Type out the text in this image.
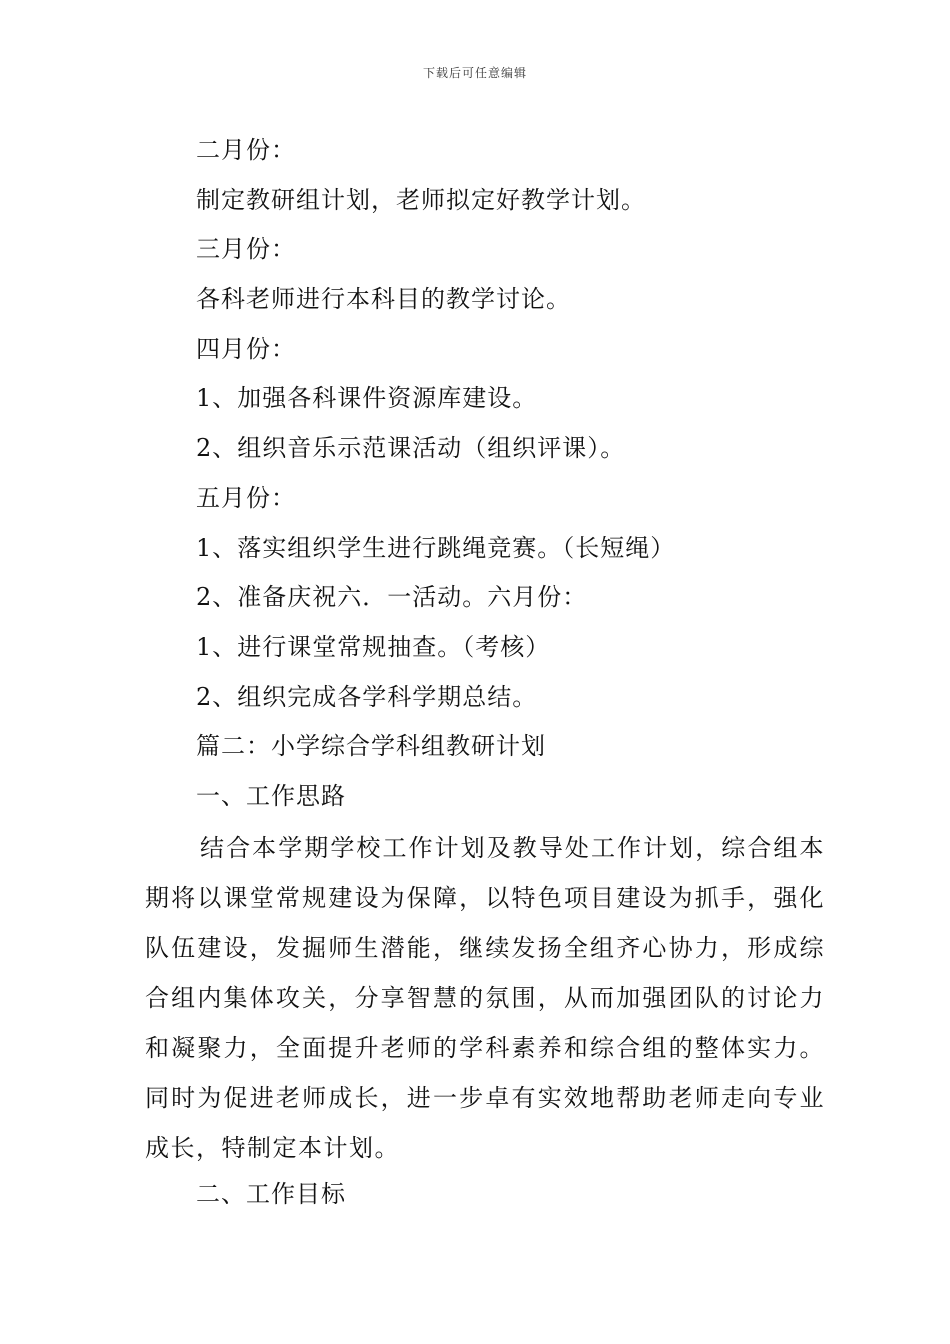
下载后可任意编辑
二月份：
制定教研组计划，老师拟定好教学计划。
三月份：
各科老师进行本科目的教学讨论。
四月份：
1、加强各科课件资源库建设。
2、组织音乐示范课活动（组织评课）。
五月份：
1、落实组织学生进行跳绳竞赛。（长短绳）
2、准备庆祝六．一活动。六月份：
1、进行课堂常规抽查。（考核）
2、组织完成各学科学期总结。
篇二：小学综合学科组教研计划
一、工作思路
结合本学期学校工作计划及教导处工作计划，综合组本期将以课堂常规建设为保障，以特色项目建设为抓手，强化队伍建设，发掘师生潜能，继续发扬全组齐心协力，形成综合组内集体攻关，分享智慧的氛围，从而加强团队的讨论力和凝聚力，全面提升老师的学科素养和综合组的整体实力。同时为促进老师成长，进一步卓有实效地帮助老师走向专业成长，特制定本计划。
二、工作目标
